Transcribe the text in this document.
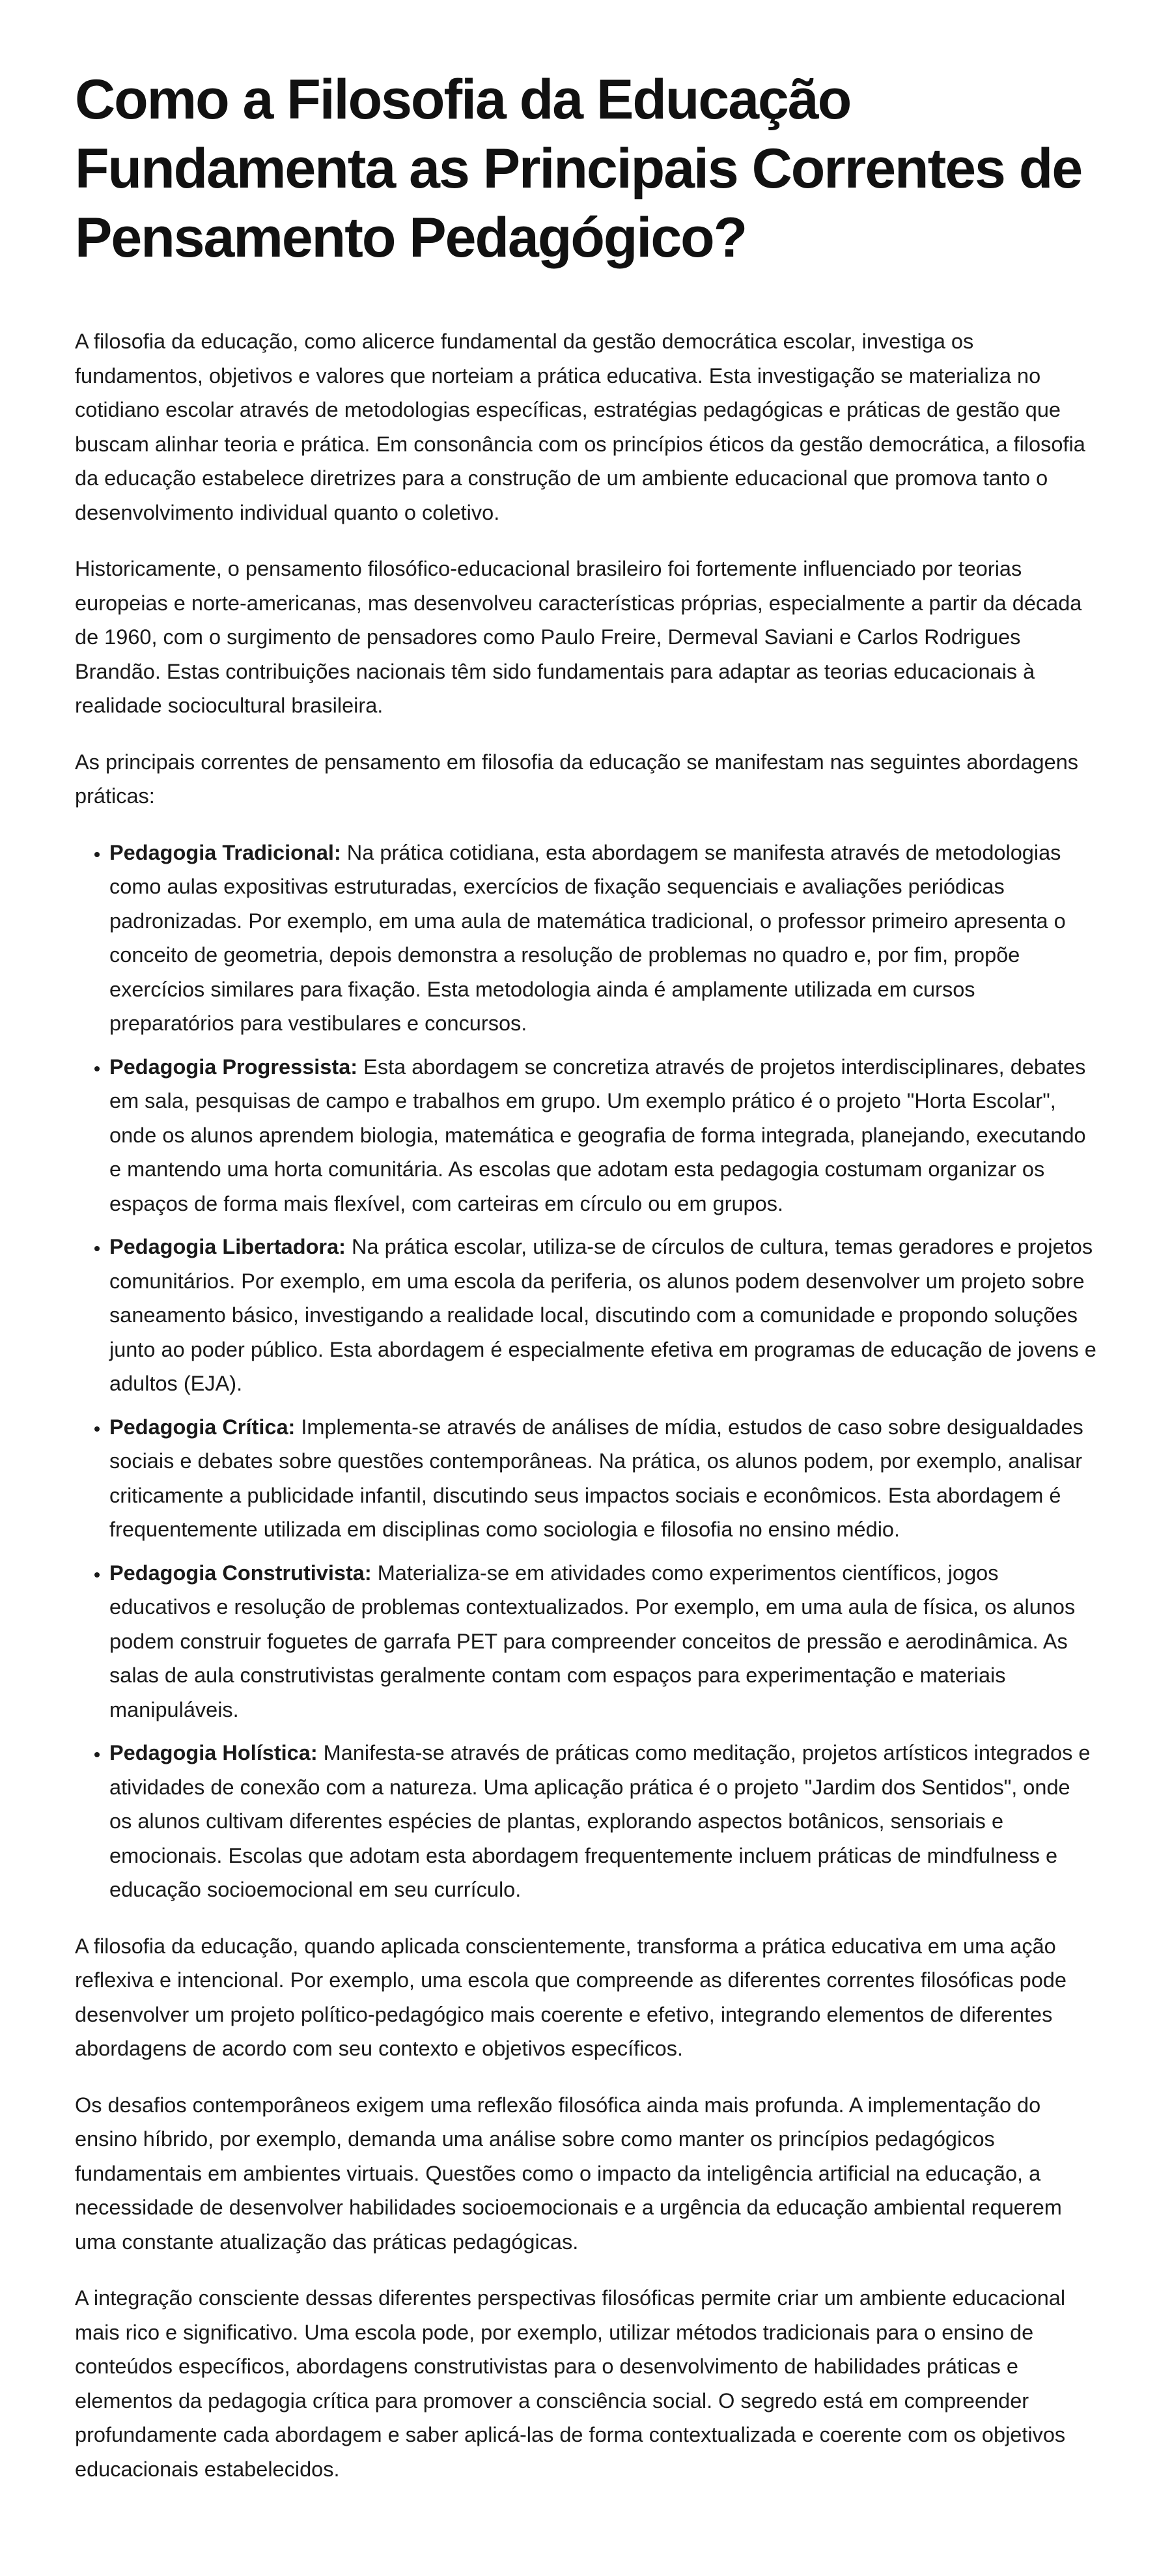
Como a Filosofia da Educação Fundamenta as Principais Correntes de Pensamento Pedagógico?

A filosofia da educação, como alicerce fundamental da gestão democrática escolar, investiga os fundamentos, objetivos e valores que norteiam a prática educativa. Esta investigação se materializa no cotidiano escolar através de metodologias específicas, estratégias pedagógicas e práticas de gestão que buscam alinhar teoria e prática. Em consonância com os princípios éticos da gestão democrática, a filosofia da educação estabelece diretrizes para a construção de um ambiente educacional que promova tanto o desenvolvimento individual quanto o coletivo.

Historicamente, o pensamento filosófico-educacional brasileiro foi fortemente influenciado por teorias europeias e norte-americanas, mas desenvolveu características próprias, especialmente a partir da década de 1960, com o surgimento de pensadores como Paulo Freire, Dermeval Saviani e Carlos Rodrigues Brandão. Estas contribuições nacionais têm sido fundamentais para adaptar as teorias educacionais à realidade sociocultural brasileira.

As principais correntes de pensamento em filosofia da educação se manifestam nas seguintes abordagens práticas:

• Pedagogia Tradicional: Na prática cotidiana, esta abordagem se manifesta através de metodologias como aulas expositivas estruturadas, exercícios de fixação sequenciais e avaliações periódicas padronizadas. Por exemplo, em uma aula de matemática tradicional, o professor primeiro apresenta o conceito de geometria, depois demonstra a resolução de problemas no quadro e, por fim, propõe exercícios similares para fixação. Esta metodologia ainda é amplamente utilizada em cursos preparatórios para vestibulares e concursos.
• Pedagogia Progressista: Esta abordagem se concretiza através de projetos interdisciplinares, debates em sala, pesquisas de campo e trabalhos em grupo. Um exemplo prático é o projeto "Horta Escolar", onde os alunos aprendem biologia, matemática e geografia de forma integrada, planejando, executando e mantendo uma horta comunitária. As escolas que adotam esta pedagogia costumam organizar os espaços de forma mais flexível, com carteiras em círculo ou em grupos.
• Pedagogia Libertadora: Na prática escolar, utiliza-se de círculos de cultura, temas geradores e projetos comunitários. Por exemplo, em uma escola da periferia, os alunos podem desenvolver um projeto sobre saneamento básico, investigando a realidade local, discutindo com a comunidade e propondo soluções junto ao poder público. Esta abordagem é especialmente efetiva em programas de educação de jovens e adultos (EJA).
• Pedagogia Crítica: Implementa-se através de análises de mídia, estudos de caso sobre desigualdades sociais e debates sobre questões contemporâneas. Na prática, os alunos podem, por exemplo, analisar criticamente a publicidade infantil, discutindo seus impactos sociais e econômicos. Esta abordagem é frequentemente utilizada em disciplinas como sociologia e filosofia no ensino médio.
• Pedagogia Construtivista: Materializa-se em atividades como experimentos científicos, jogos educativos e resolução de problemas contextualizados. Por exemplo, em uma aula de física, os alunos podem construir foguetes de garrafa PET para compreender conceitos de pressão e aerodinâmica. As salas de aula construtivistas geralmente contam com espaços para experimentação e materiais manipuláveis.
• Pedagogia Holística: Manifesta-se através de práticas como meditação, projetos artísticos integrados e atividades de conexão com a natureza. Uma aplicação prática é o projeto "Jardim dos Sentidos", onde os alunos cultivam diferentes espécies de plantas, explorando aspectos botânicos, sensoriais e emocionais. Escolas que adotam esta abordagem frequentemente incluem práticas de mindfulness e educação socioemocional em seu currículo.

A filosofia da educação, quando aplicada conscientemente, transforma a prática educativa em uma ação reflexiva e intencional. Por exemplo, uma escola que compreende as diferentes correntes filosóficas pode desenvolver um projeto político-pedagógico mais coerente e efetivo, integrando elementos de diferentes abordagens de acordo com seu contexto e objetivos específicos.

Os desafios contemporâneos exigem uma reflexão filosófica ainda mais profunda. A implementação do ensino híbrido, por exemplo, demanda uma análise sobre como manter os princípios pedagógicos fundamentais em ambientes virtuais. Questões como o impacto da inteligência artificial na educação, a necessidade de desenvolver habilidades socioemocionais e a urgência da educação ambiental requerem uma constante atualização das práticas pedagógicas.

A integração consciente dessas diferentes perspectivas filosóficas permite criar um ambiente educacional mais rico e significativo. Uma escola pode, por exemplo, utilizar métodos tradicionais para o ensino de conteúdos específicos, abordagens construtivistas para o desenvolvimento de habilidades práticas e elementos da pedagogia crítica para promover a consciência social. O segredo está em compreender profundamente cada abordagem e saber aplicá-las de forma contextualizada e coerente com os objetivos educacionais estabelecidos.
